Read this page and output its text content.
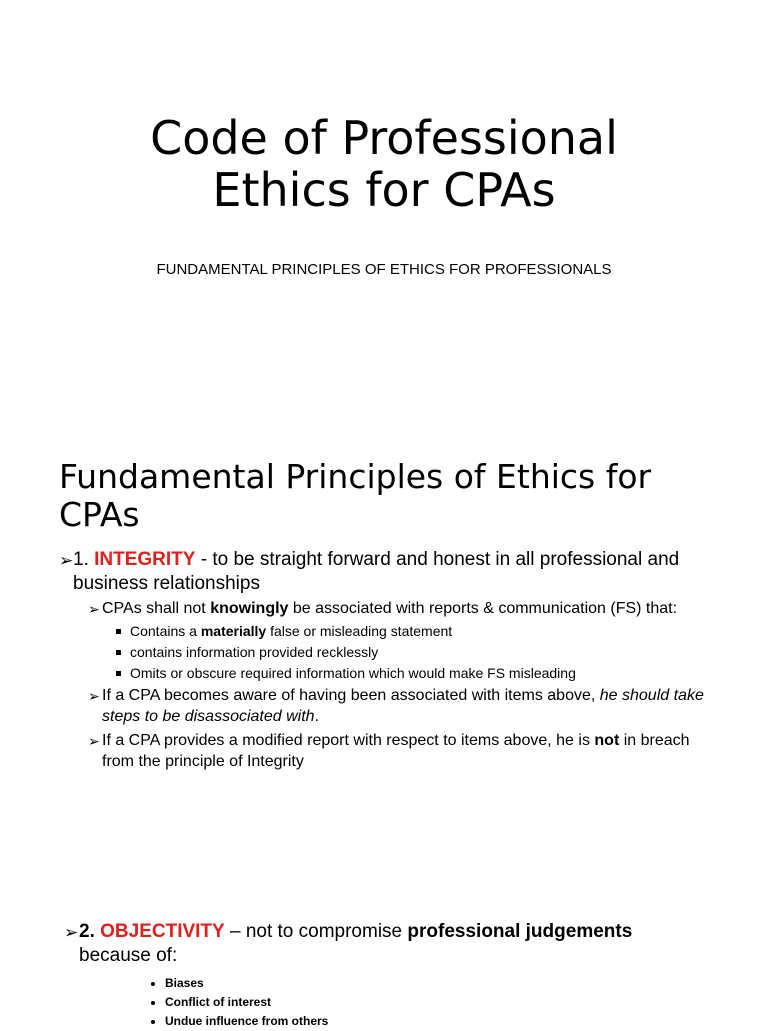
Code of Professional
Ethics for CPAs
FUNDAMENTAL PRINCIPLES OF ETHICS FOR PROFESSIONALS
Fundamental Principles of Ethics for
CPAs
➢ 1. INTEGRITY - to be straight forward and honest in all professional and business relationships
➢ CPAs shall not knowingly be associated with reports & communication (FS) that:
Contains a materially false or misleading statement
contains information provided recklessly
Omits or obscure required information which would make FS misleading
➢ If a CPA becomes aware of having been associated with items above, he should take steps to be disassociated with.
➢ If a CPA provides a modified report with respect to items above, he is not in breach from the principle of Integrity
➢ 2. OBJECTIVITY – not to compromise professional judgements
because of:
Biases
Conflict of interest
Undue influence from others
